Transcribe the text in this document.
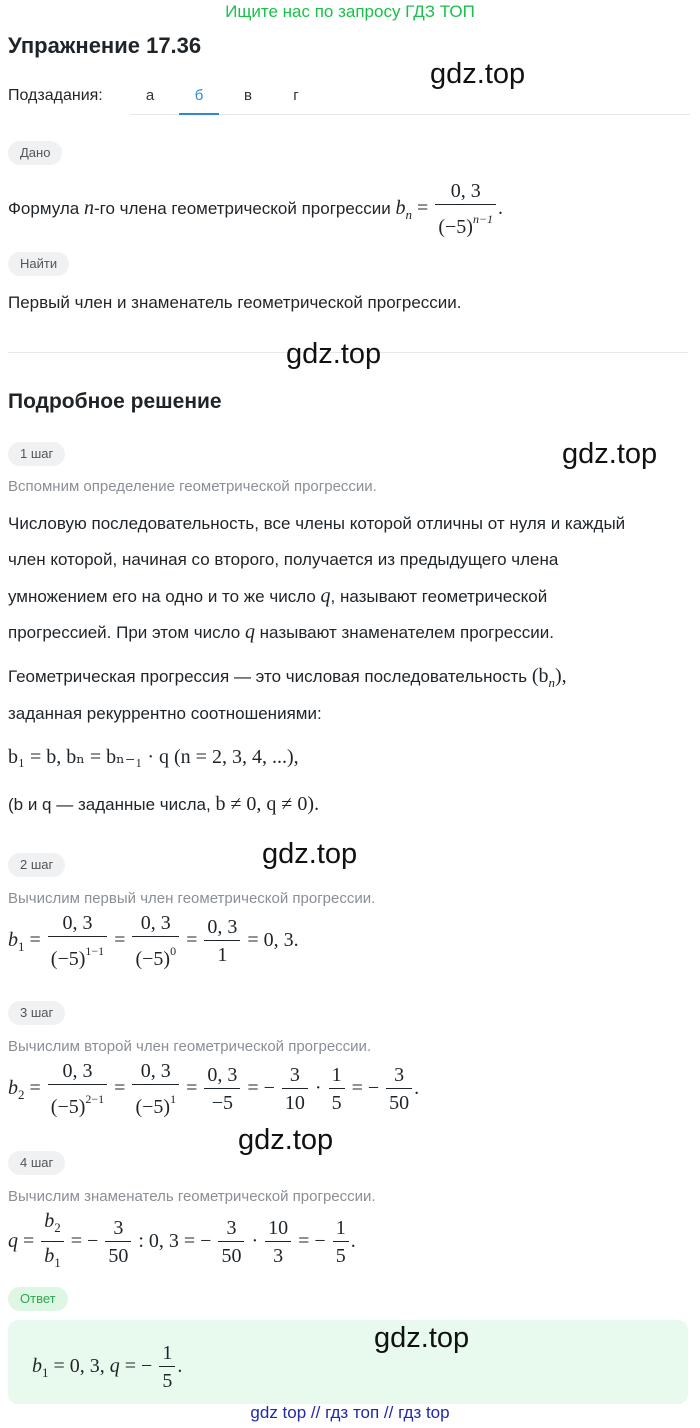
Ищите нас по запросу ГДЗ ТОП
Упражнение 17.36
gdz.top
Подзадания:	а	б	в	г
Дано
Формула n-го члена геометрической прогрессии $b_n = \frac{0, 3}{(-5)^{n-1}}$ .
Найти
Первый член и знаменатель геометрической прогрессии.
gdz.top
Подробное решение
1 шаг	gdz.top
Вспомним определение геометрической прогрессии.
Числовую последовательность, все члены которой отличны от нуля и каждый
член которой, начиная со второго, получается из предыдущего члена
умножением его на одно и то же число q, называют геометрической
прогрессией. При этом число q называют знаменателем прогрессии.
Геометрическая прогрессия — это числовая последовательность $(b_n)$,
заданная рекуррентно соотношениями:
b₁ = b, bₙ = bₙ₋₁ · q (n = 2, 3, 4, ...),
(b и q — заданные числа, b ≠ 0, q ≠ 0).
2 шаг	gdz.top
Вычислим первый член геометрической прогрессии.
$b_1 = \frac{0, 3}{(-5)^{1-1}} = \frac{0, 3}{(-5)^0} = \frac{0, 3}{1} = 0$, 3.
3 шаг
Вычислим второй член геометрической прогрессии.
$b_2 = \frac{0, 3}{(-5)^{2-1}} = \frac{0, 3}{(-5)^1} = \frac{0, 3}{-5}$ = − $\frac{3}{10} \cdot \frac{1}{5}$ = − $\frac{3}{50}$ .
gdz.top
4 шаг
Вычислим знаменатель геометрической прогрессии.
$q = \frac{b_2}{b_1}$ = − $\frac{3}{50}$ : 0, 3 = − $\frac{3}{50} \cdot \frac{10}{3}$ = − $\frac{1}{5}$ .
Ответ
gdz.top
$b_1 = 0$, 3, q = − $\frac{1}{5}$ .
gdz top // гдз топ // гдз top
